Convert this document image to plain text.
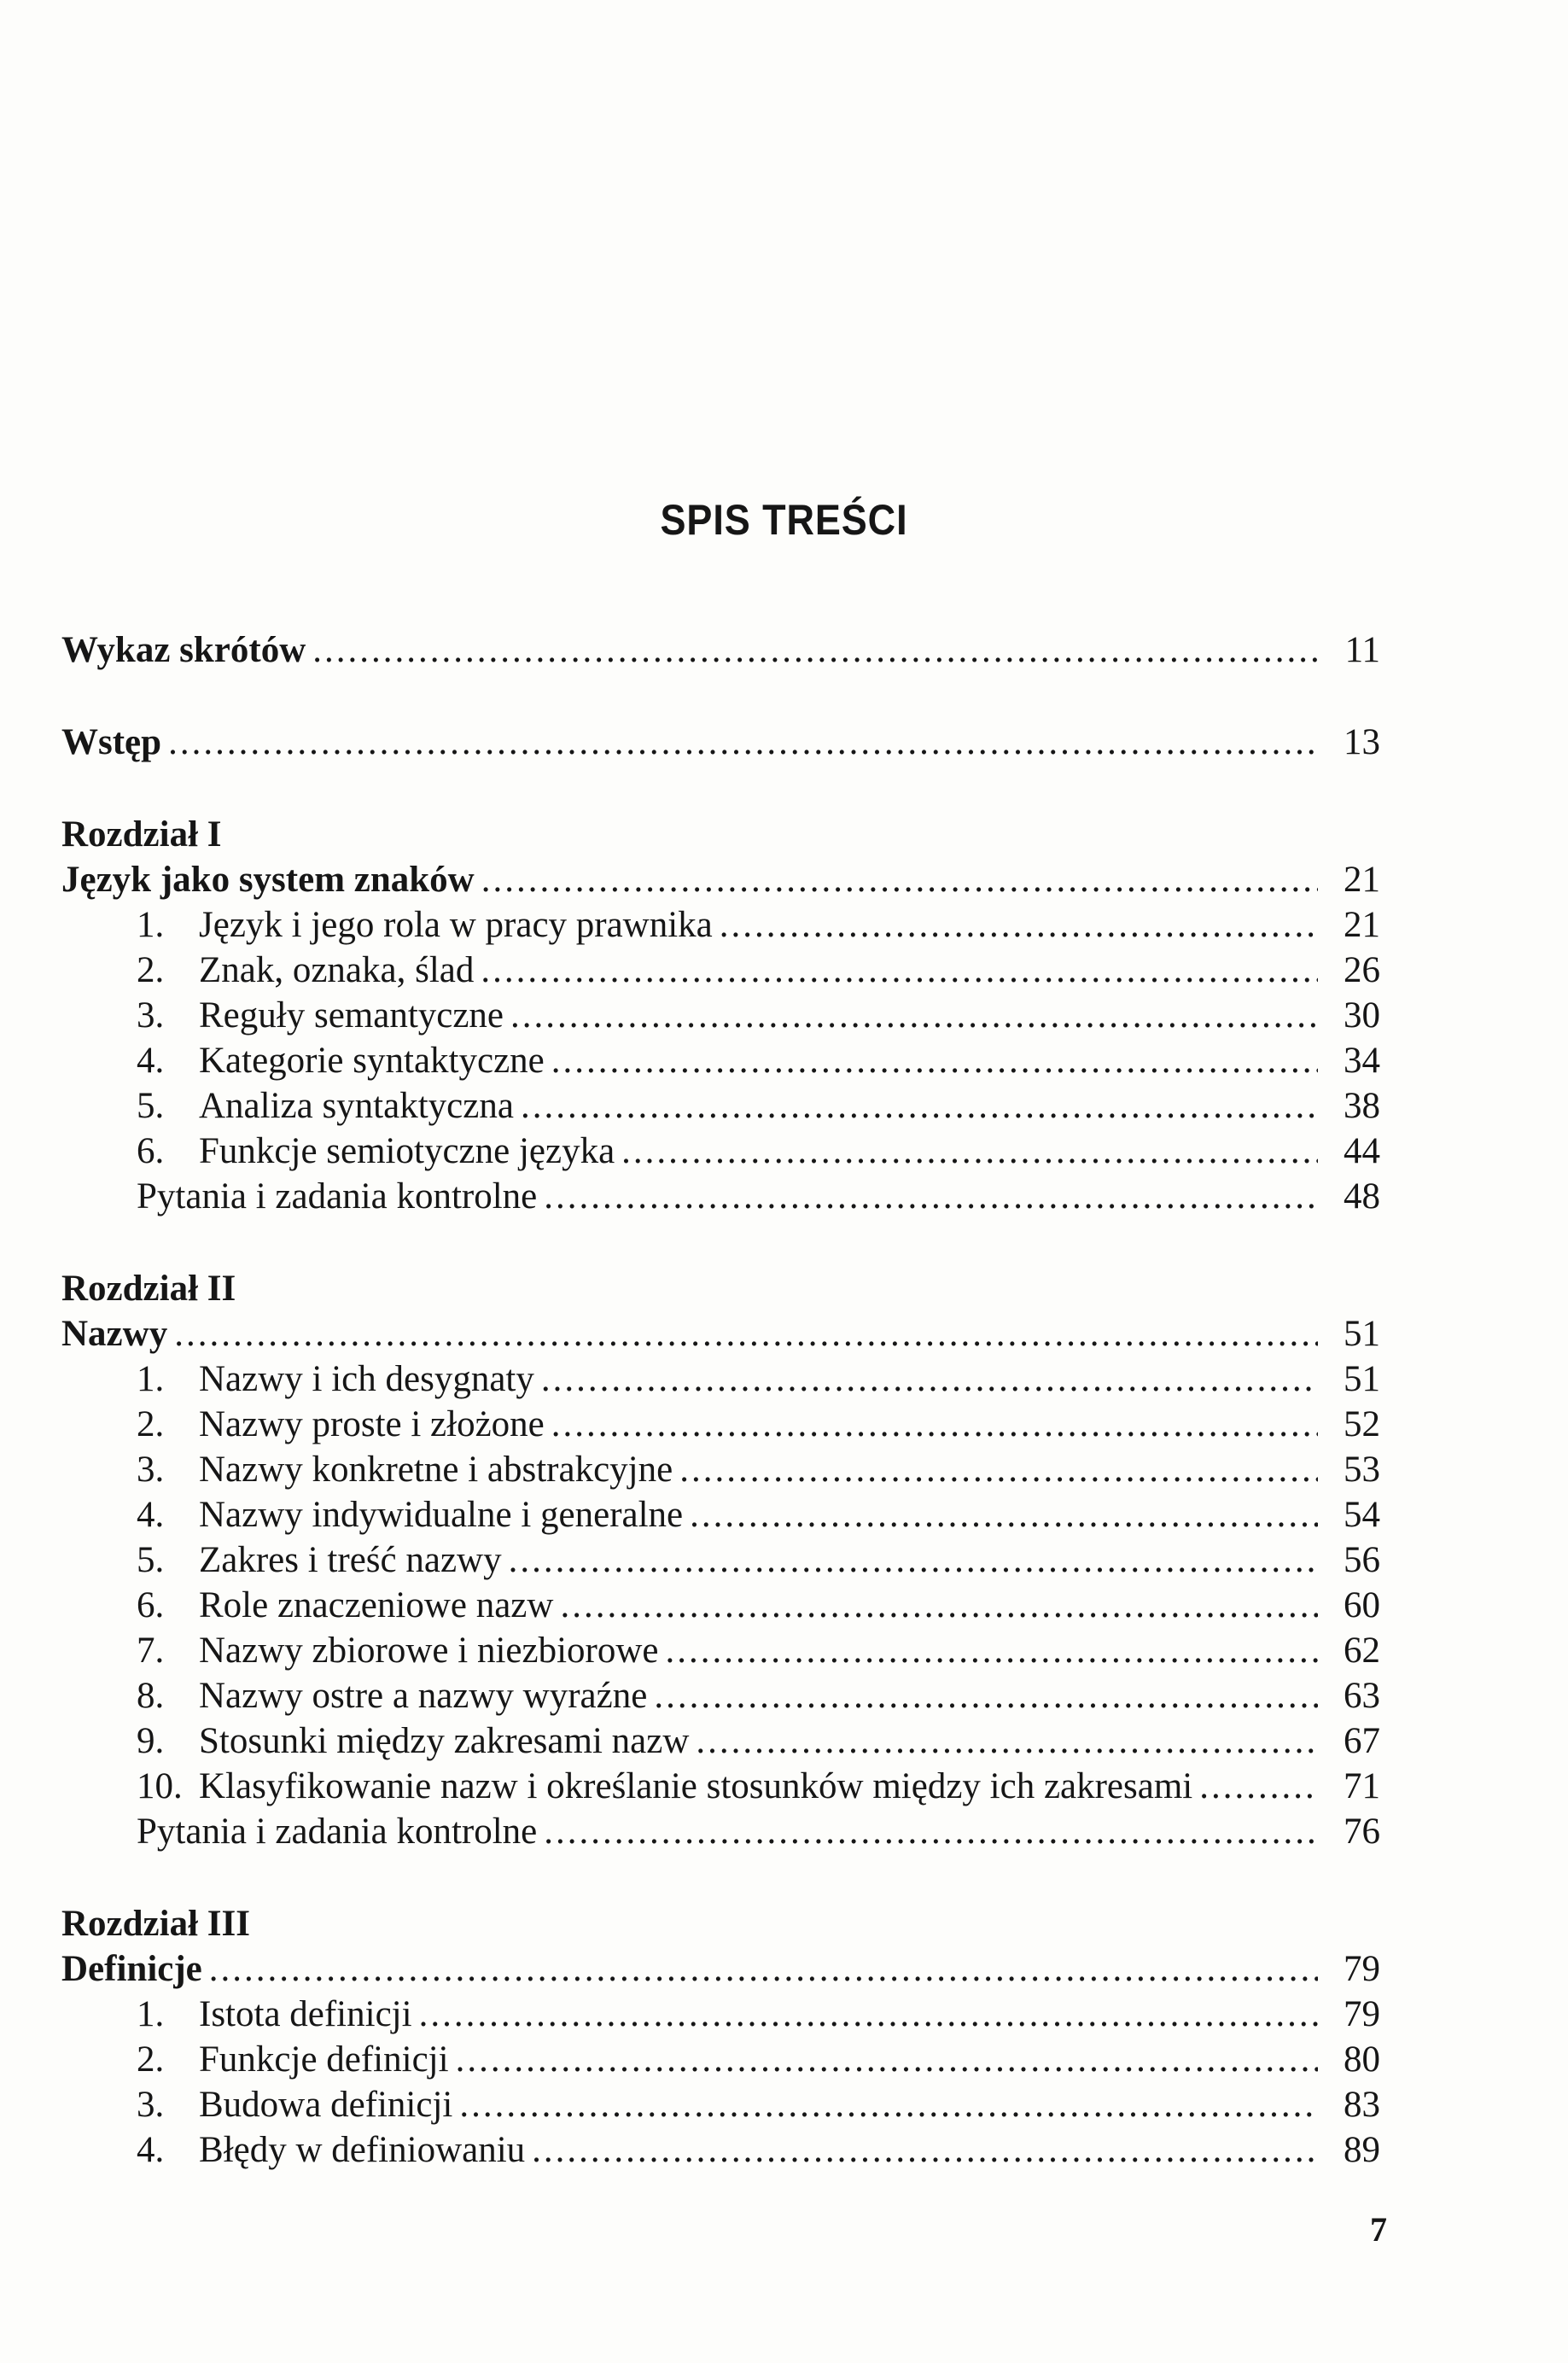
SPIS TREŚCI
Wykaz skrótów .....	11
Wstęp .....	13
Rozdział I
Język jako system znaków .....	21
1. Język i jego rola w pracy prawnika .....	21
2. Znak, oznaka, ślad .....	26
3. Reguły semantyczne .....	30
4. Kategorie syntaktyczne .....	34
5. Analiza syntaktyczna .....	38
6. Funkcje semiotyczne języka .....	44
Pytania i zadania kontrolne .....	48
Rozdział II
Nazwy .....	51
1. Nazwy i ich desygnaty .....	51
2. Nazwy proste i złożone .....	52
3. Nazwy konkretne i abstrakcyjne .....	53
4. Nazwy indywidualne i generalne .....	54
5. Zakres i treść nazwy .....	56
6. Role znaczeniowe nazw .....	60
7. Nazwy zbiorowe i niezbiorowe .....	62
8. Nazwy ostre a nazwy wyraźne .....	63
9. Stosunki między zakresami nazw .....	67
10. Klasyfikowanie nazw i określanie stosunków między ich zakresami .....	71
Pytania i zadania kontrolne .....	76
Rozdział III
Definicje .....	79
1. Istota definicji .....	79
2. Funkcje definicji .....	80
3. Budowa definicji .....	83
4. Błędy w definiowaniu .....	89
7
